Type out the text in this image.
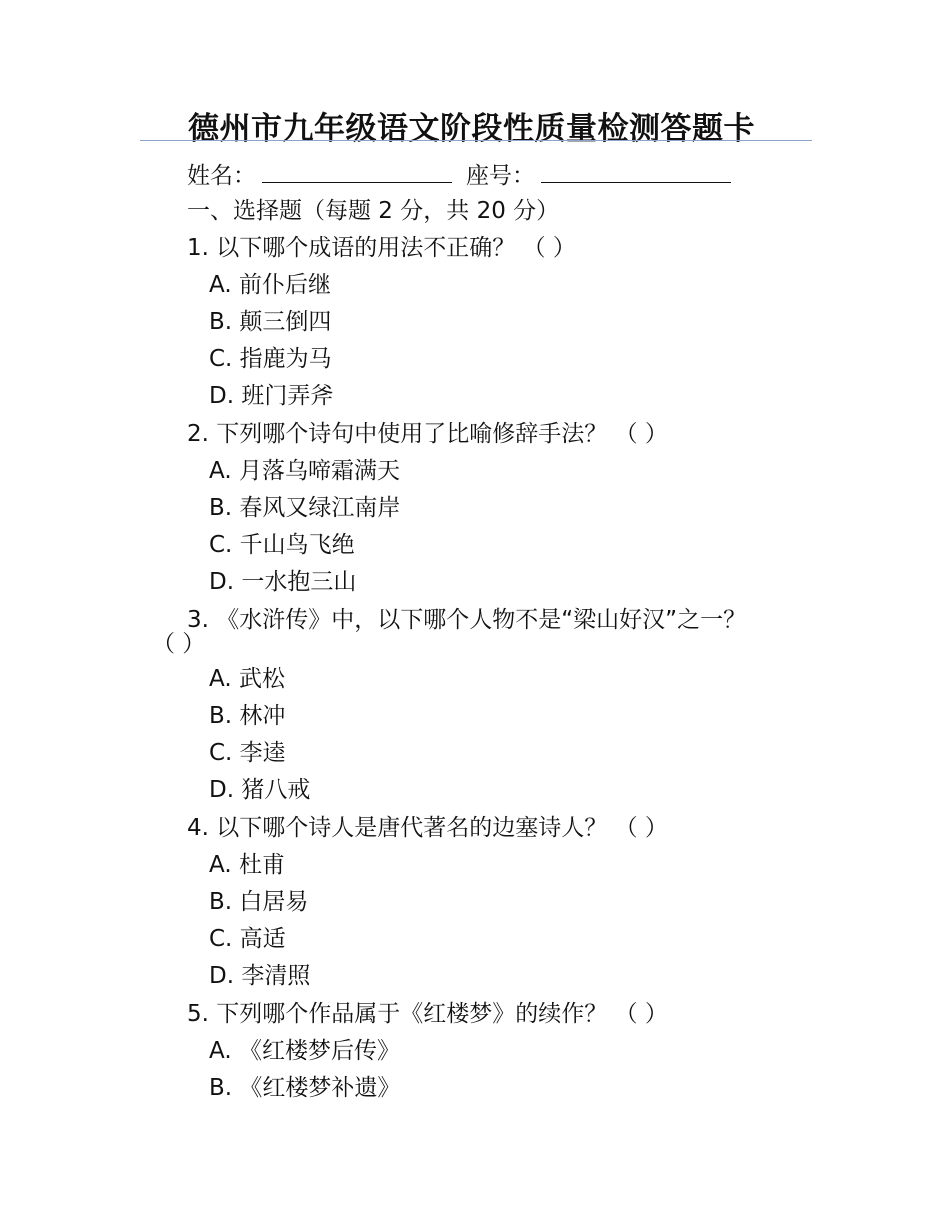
德州市九年级语文阶段性质量检测答题卡
姓名：	座号：
一、选择题（每题 2 分，共 20 分）
1. 以下哪个成语的用法不正确？ （ ）
A. 前仆后继
B. 颠三倒四
C. 指鹿为马
D. 班门弄斧
2. 下列哪个诗句中使用了比喻修辞手法？ （ ）
A. 月落乌啼霜满天
B. 春风又绿江南岸
C. 千山鸟飞绝
D. 一水抱三山
3. 《水浒传》中，以下哪个人物不是“梁山好汉”之一？
（ ）
A. 武松
B. 林冲
C. 李逵
D. 猪八戒
4. 以下哪个诗人是唐代著名的边塞诗人？ （ ）
A. 杜甫
B. 白居易
C. 高适
D. 李清照
5. 下列哪个作品属于《红楼梦》的续作？ （ ）
A. 《红楼梦后传》
B. 《红楼梦补遗》
